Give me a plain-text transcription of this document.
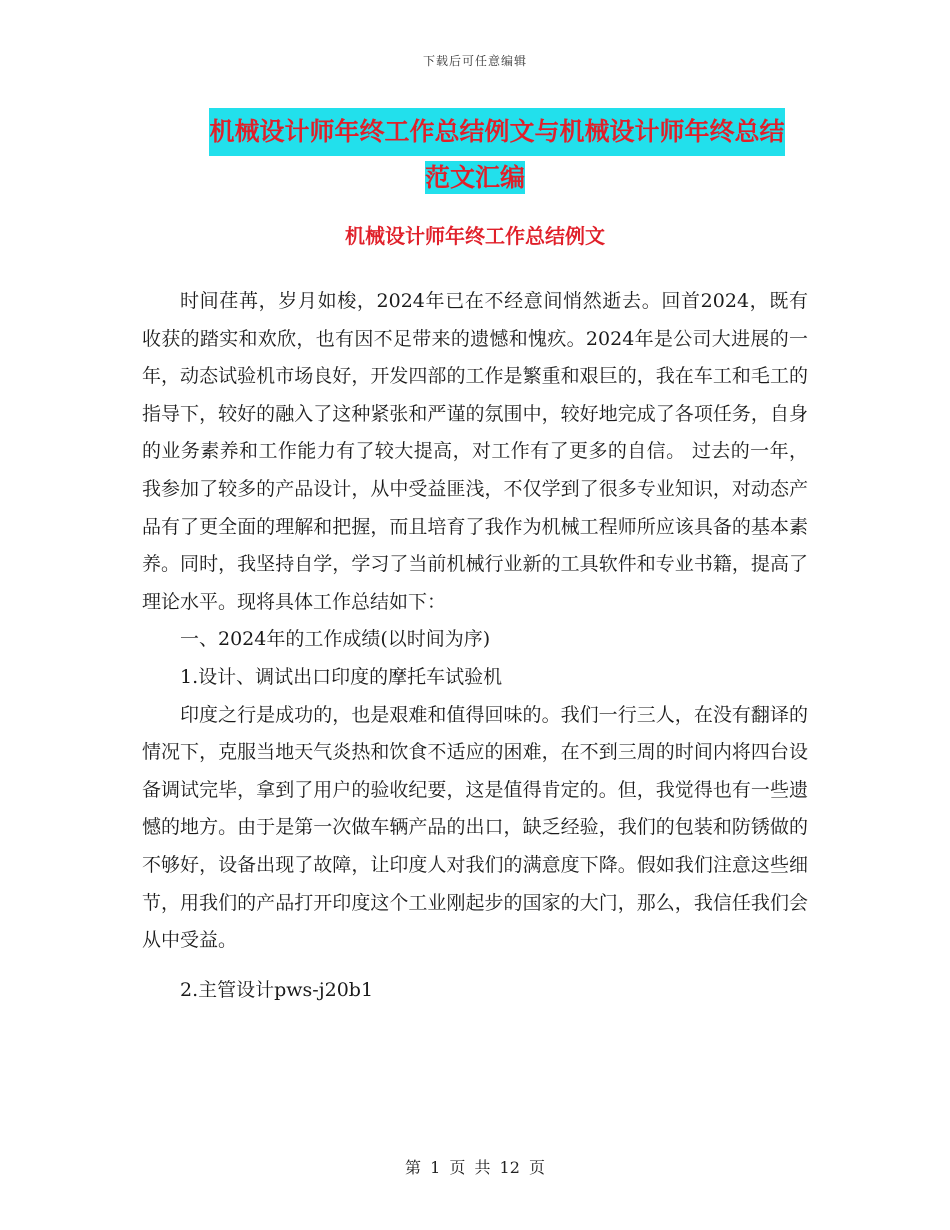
下载后可任意编辑
机械设计师年终工作总结例文与机械设计师年终总结
范文汇编
机械设计师年终工作总结例文

时间荏苒，岁月如梭，2024年已在不经意间悄然逝去。回首2024，既有收获的踏实和欢欣，也有因不足带来的遗憾和愧疚。2024年是公司大进展的一年，动态试验机市场良好，开发四部的工作是繁重和艰巨的，我在车工和毛工的指导下，较好的融入了这种紧张和严谨的氛围中，较好地完成了各项任务，自身的业务素养和工作能力有了较大提高，对工作有了更多的自信。 过去的一年，我参加了较多的产品设计，从中受益匪浅，不仅学到了很多专业知识，对动态产品有了更全面的理解和把握，而且培育了我作为机械工程师所应该具备的基本素养。同时，我坚持自学，学习了当前机械行业新的工具软件和专业书籍，提高了理论水平。现将具体工作总结如下：

一、2024年的工作成绩(以时间为序)

1.设计、调试出口印度的摩托车试验机

印度之行是成功的，也是艰难和值得回味的。我们一行三人，在没有翻译的情况下，克服当地天气炎热和饮食不适应的困难，在不到三周的时间内将四台设备调试完毕，拿到了用户的验收纪要，这是值得肯定的。但，我觉得也有一些遗憾的地方。由于是第一次做车辆产品的出口，缺乏经验，我们的包装和防锈做的不够好，设备出现了故障，让印度人对我们的满意度下降。假如我们注意这些细节，用我们的产品打开印度这个工业刚起步的国家的大门，那么，我信任我们会从中受益。

2.主管设计pws-j20b1

第 1 页 共 12 页
